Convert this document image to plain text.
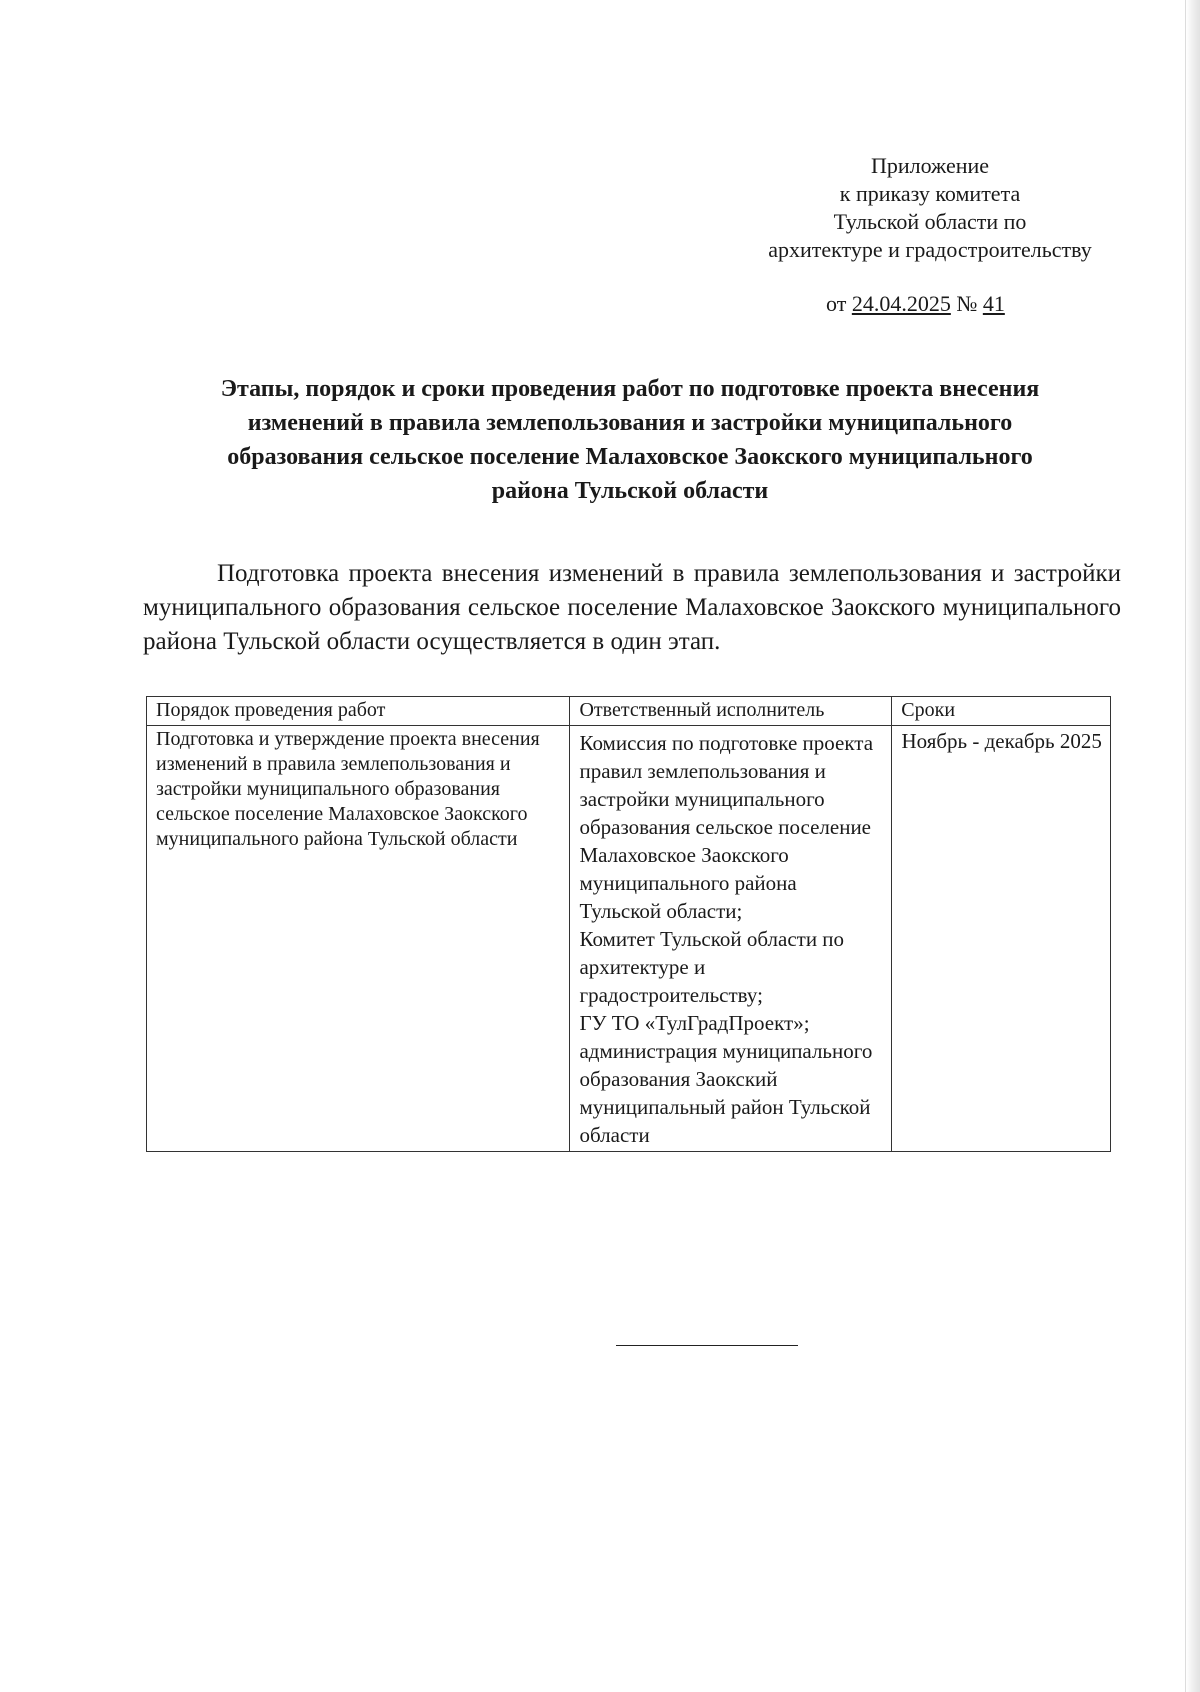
Приложение
к приказу комитета
Тульской области по
архитектуре и градостроительству
от 24.04.2025 № 41
Этапы, порядок и сроки проведения работ по подготовке проекта внесения
изменений в правила землепользования и застройки муниципального
образования сельское поселение Малаховское Заокского муниципального
района Тульской области

Подготовка проекта внесения изменений в правила землепользования и застройки муниципального образования сельское поселение Малаховское Заокского муниципального района Тульской области осуществляется в один этап.

Порядок проведения работ	Ответственный исполнитель	Сроки
Подготовка и утверждение проекта внесения изменений в правила землепользования и застройки муниципального образования сельское поселение Малаховское Заокского муниципального района Тульской области	Комиссия по подготовке проекта правил землепользования и застройки муниципального образования сельское поселение Малаховское Заокского муниципального района Тульской области;
Комитет Тульской области по архитектуре и градостроительству;
ГУ ТО «ТулГрадПроект»;
администрация муниципального образования Заокский муниципальный район Тульской области	Ноябрь - декабрь 2025
